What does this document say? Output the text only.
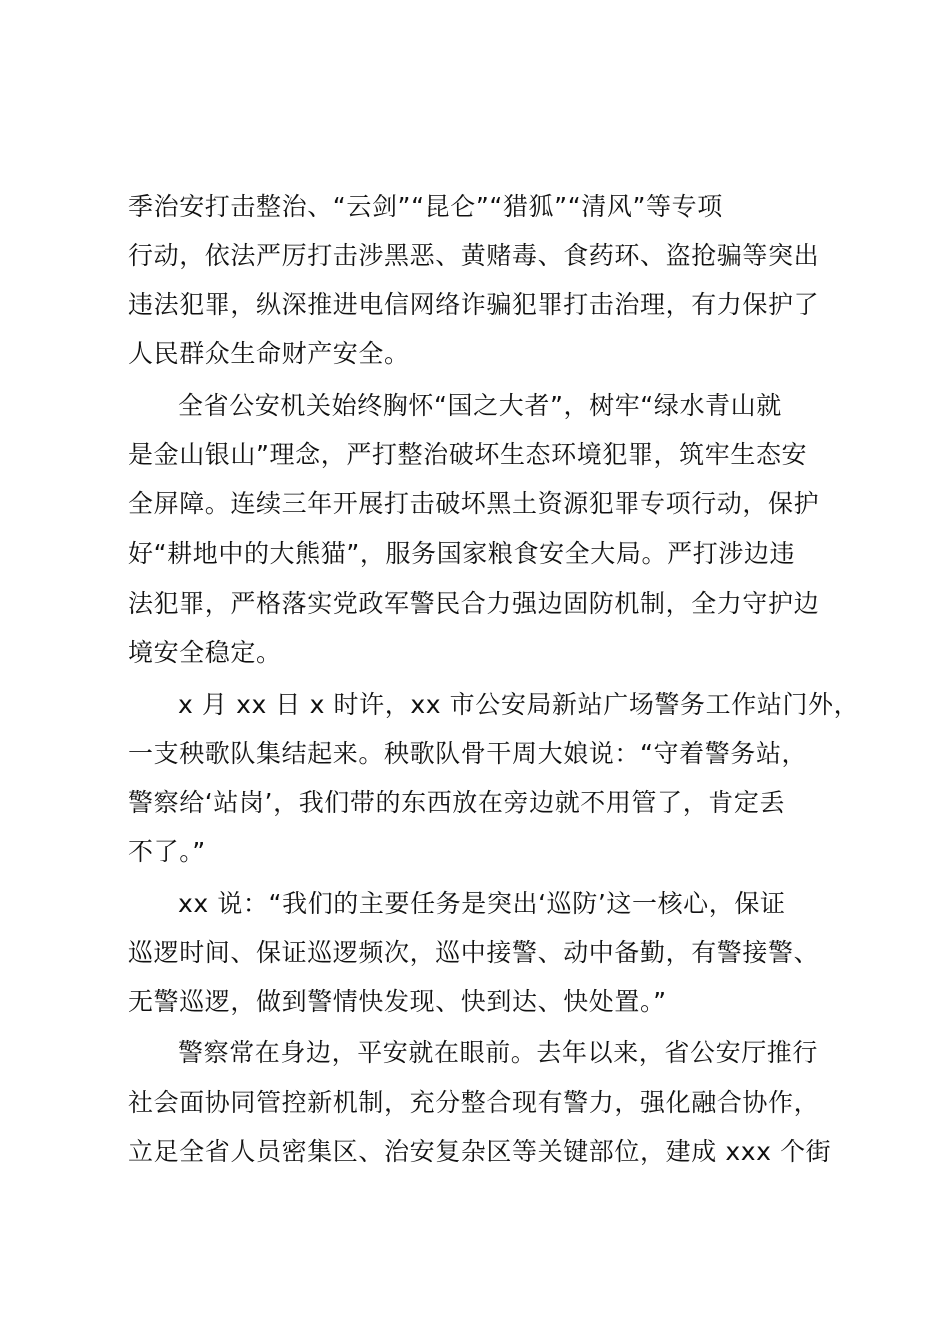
季治安打击整治、“云剑”“昆仑”“猎狐”“清风”等专项
行动，依法严厉打击涉黑恶、黄赌毒、食药环、盗抢骗等突出
违法犯罪，纵深推进电信网络诈骗犯罪打击治理，有力保护了
人民群众生命财产安全。
全省公安机关始终胸怀“国之大者”，树牢“绿水青山就
是金山银山”理念，严打整治破坏生态环境犯罪，筑牢生态安
全屏障。连续三年开展打击破坏黑土资源犯罪专项行动，保护
好“耕地中的大熊猫”，服务国家粮食安全大局。严打涉边违
法犯罪，严格落实党政军警民合力强边固防机制，全力守护边
境安全稳定。
x 月 xx 日 x 时许，xx 市公安局新站广场警务工作站门外，
一支秧歌队集结起来。秧歌队骨干周大娘说：“守着警务站，
警察给‘站岗’，我们带的东西放在旁边就不用管了，肯定丢
不了。”
xx 说：“我们的主要任务是突出‘巡防’这一核心，保证
巡逻时间、保证巡逻频次，巡中接警、动中备勤，有警接警、
无警巡逻，做到警情快发现、快到达、快处置。”
警察常在身边，平安就在眼前。去年以来，省公安厅推行
社会面协同管控新机制，充分整合现有警力，强化融合协作，
立足全省人员密集区、治安复杂区等关键部位，建成 xxx 个街
